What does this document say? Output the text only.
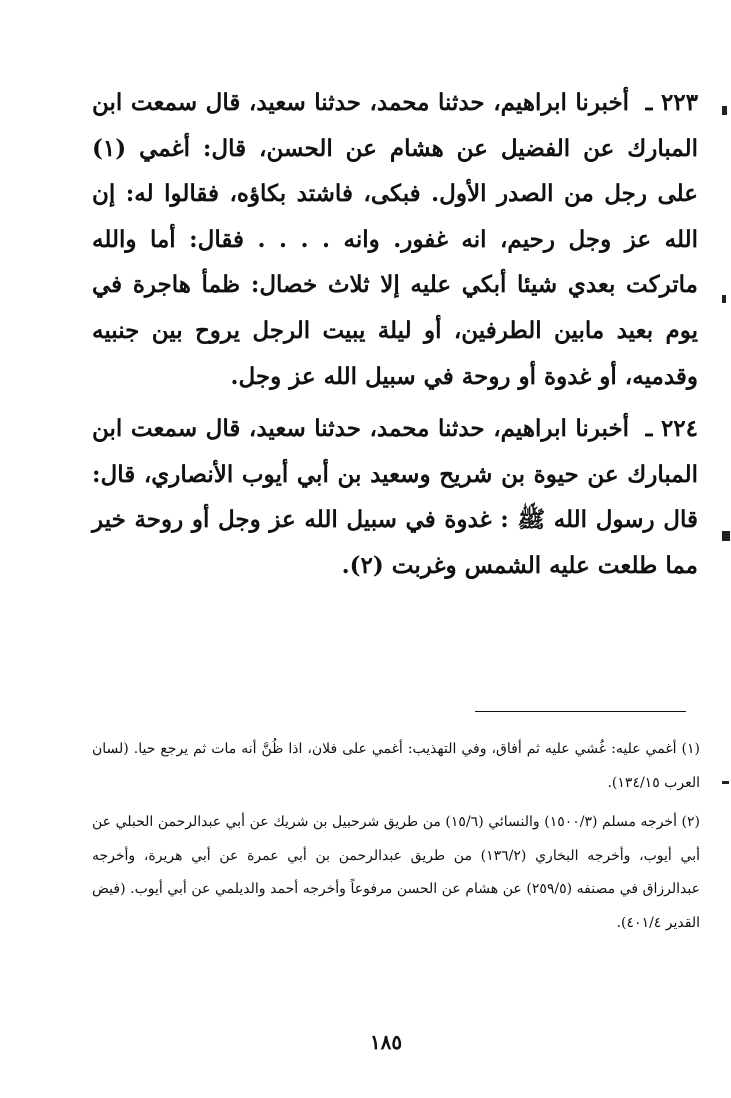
٢٢٣ ـ أخبرنا ابراهيم، حدثنا محمد، حدثنا سعيد، قال سمعت ابن المبارك عن الفضيل عن هشام عن الحسن، قال: أغمي (١) على رجل من الصدر الأول. فبكى، فاشتد بكاؤه، فقالوا له: إن الله عز وجل رحيم، انه غفور. وانه . . . . فقال: أما والله ماتركت بعدي شيئا أبكي عليه إلا ثلاث خصال: ظمأ هاجرة في يوم بعيد مابين الطرفين، أو ليلة يبيت الرجل يروح بين جنبيه وقدميه، أو غدوة أو روحة في سبيل الله عز وجل.

٢٢٤ ـ أخبرنا ابراهيم، حدثنا محمد، حدثنا سعيد، قال سمعت ابن المبارك عن حيوة بن شريح وسعيد بن أبي أيوب الأنصاري، قال: قال رسول الله ﷺ : غدوة في سبيل الله عز وجل أو روحة خير مما طلعت عليه الشمس وغربت (٢).

(١) أغمي عليه: غُشي عليه ثم أفاق، وفي التهذيب: أغمي على فلان، اذا ظُنَّ أنه مات ثم يرجع حيا. (لسان العرب ١٣٤/١٥).

(٢) أخرجه مسلم (١٥٠٠/٣) والنسائي (١٥/٦) من طريق شرحبيل بن شريك عن أبي عبدالرحمن الحبلي عن أبي أيوب، وأخرجه البخاري (١٣٦/٢) من طريق عبدالرحمن بن أبي عمرة عن أبي هريرة، وأخرجه عبدالرزاق في مصنفه (٢٥٩/٥) عن هشام عن الحسن مرفوعاً وأخرجه أحمد والديلمي عن أبي أيوب. (فيض القدير ٤٠١/٤).

١٨٥
